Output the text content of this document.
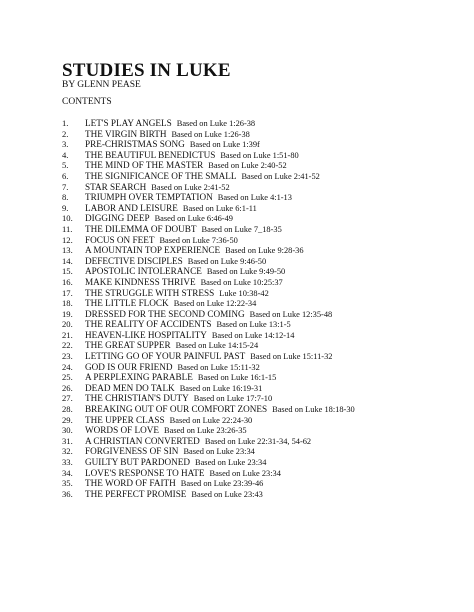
STUDIES IN LUKE
BY GLENN PEASE
CONTENTS
1. LET'S PLAY ANGELS Based on Luke 1:26-38
2. THE VIRGIN BIRTH Based on Luke 1:26-38
3. PRE-CHRISTMAS SONG Based on Luke 1:39f
4. THE BEAUTIFUL BENEDICTUS Based on Luke 1:51-80
5. THE MIND OF THE MASTER Based on Luke 2:40-52
6. THE SIGNIFICANCE OF THE SMALL Based on Luke 2:41-52
7. STAR SEARCH Based on Luke 2:41-52
8. TRIUMPH OVER TEMPTATION Based on Luke 4:1-13
9. LABOR AND LEISURE Based on Luke 6:1-11
10. DIGGING DEEP Based on Luke 6:46-49
11. THE DILEMMA OF DOUBT Based on Luke 7_18-35
12. FOCUS ON FEET Based on Luke 7:36-50
13. A MOUNTAIN TOP EXPERIENCE Based on Luke 9:28-36
14. DEFECTIVE DISCIPLES Based on Luke 9:46-50
15. APOSTOLIC INTOLERANCE Based on Luke 9:49-50
16. MAKE KINDNESS THRIVE Based on Luke 10:25:37
17. THE STRUGGLE WITH STRESS Luke 10:38-42
18. THE LITTLE FLOCK Based on Luke 12:22-34
19. DRESSED FOR THE SECOND COMING Based on Luke 12:35-48
20. THE REALITY OF ACCIDENTS Based on Luke 13:1-5
21. HEAVEN-LIKE HOSPITALITY Based on Luke 14:12-14
22. THE GREAT SUPPER Based on Luke 14:15-24
23. LETTING GO OF YOUR PAINFUL PAST Based on Luke 15:11-32
24. GOD IS OUR FRIEND Based on Luke 15:11-32
25. A PERPLEXING PARABLE Based on Luke 16:1-15
26. DEAD MEN DO TALK Based on Luke 16:19-31
27. THE CHRISTIAN'S DUTY Based on Luke 17:7-10
28. BREAKING OUT OF OUR COMFORT ZONES Based on Luke 18:18-30
29. THE UPPER CLASS Based on Luke 22:24-30
30. WORDS OF LOVE Based on Luke 23:26-35
31. A CHRISTIAN CONVERTED Based on Luke 22:31-34, 54-62
32. FORGIVENESS OF SIN Based on Luke 23:34
33. GUILTY BUT PARDONED Based on Luke 23:34
34. LOVE'S RESPONSE TO HATE Based on Luke 23:34
35. THE WORD OF FAITH Based on Luke 23:39-46
36. THE PERFECT PROMISE Based on Luke 23:43
